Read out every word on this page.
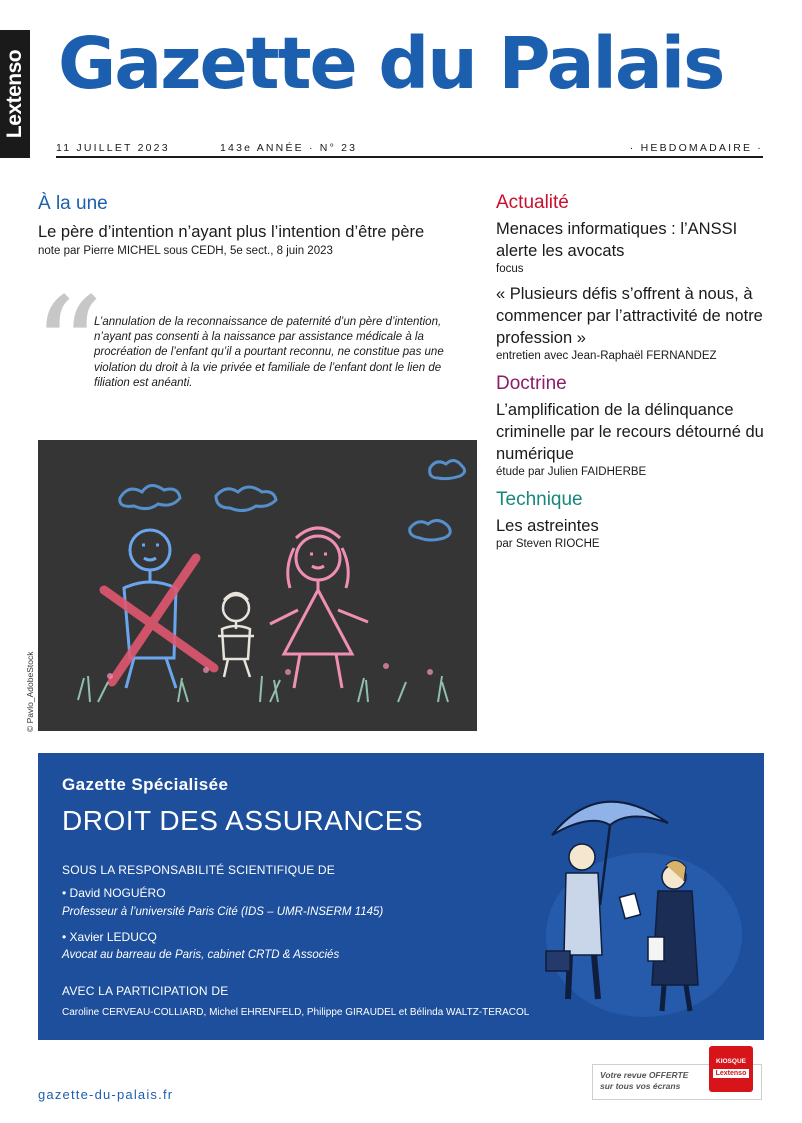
Lextenso Gazette du Palais
11 JUILLET 2023	143e ANNÉE · N° 23	· HEBDOMADAIRE ·
À la une
Le père d’intention n’ayant plus l’intention d’être père
note par Pierre MICHEL sous CEDH, 5e sect., 8 juin 2023
“
L’annulation de la reconnaissance de paternité d’un père d’intention, n’ayant pas consenti à la naissance par assistance médicale à la procréation de l’enfant qu’il a pourtant reconnu, ne constitue pas une violation du droit à la vie privée et familiale de l’enfant dont le lien de filiation est anéanti.
© Pavlo_AdobeStock
Actualité
Menaces informatiques : l’ANSSI alerte les avocats
focus
« Plusieurs défis s’offrent à nous, à commencer par l’attractivité de notre profession »
entretien avec Jean-Raphaël FERNANDEZ
Doctrine
L’amplification de la délinquance criminelle par le recours détourné du numérique
étude par Julien FAIDHERBE
Technique
Les astreintes
par Steven RIOCHE
Gazette Spécialisée
DROIT DES ASSURANCES
SOUS LA RESPONSABILITÉ SCIENTIFIQUE DE
• David NOGUÉRO
Professeur à l’université Paris Cité (IDS – UMR-INSERM 1145)
• Xavier LEDUCQ
Avocat au barreau de Paris, cabinet CRTD & Associés
AVEC LA PARTICIPATION DE
Caroline CERVEAU-COLLIARD, Michel EHRENFELD, Philippe GIRAUDEL et Bélinda WALTZ-TERACOL
gazette-du-palais.fr
Votre revue OFFERTE
sur tous vos écrans
KIOSQUE
Lextenso
